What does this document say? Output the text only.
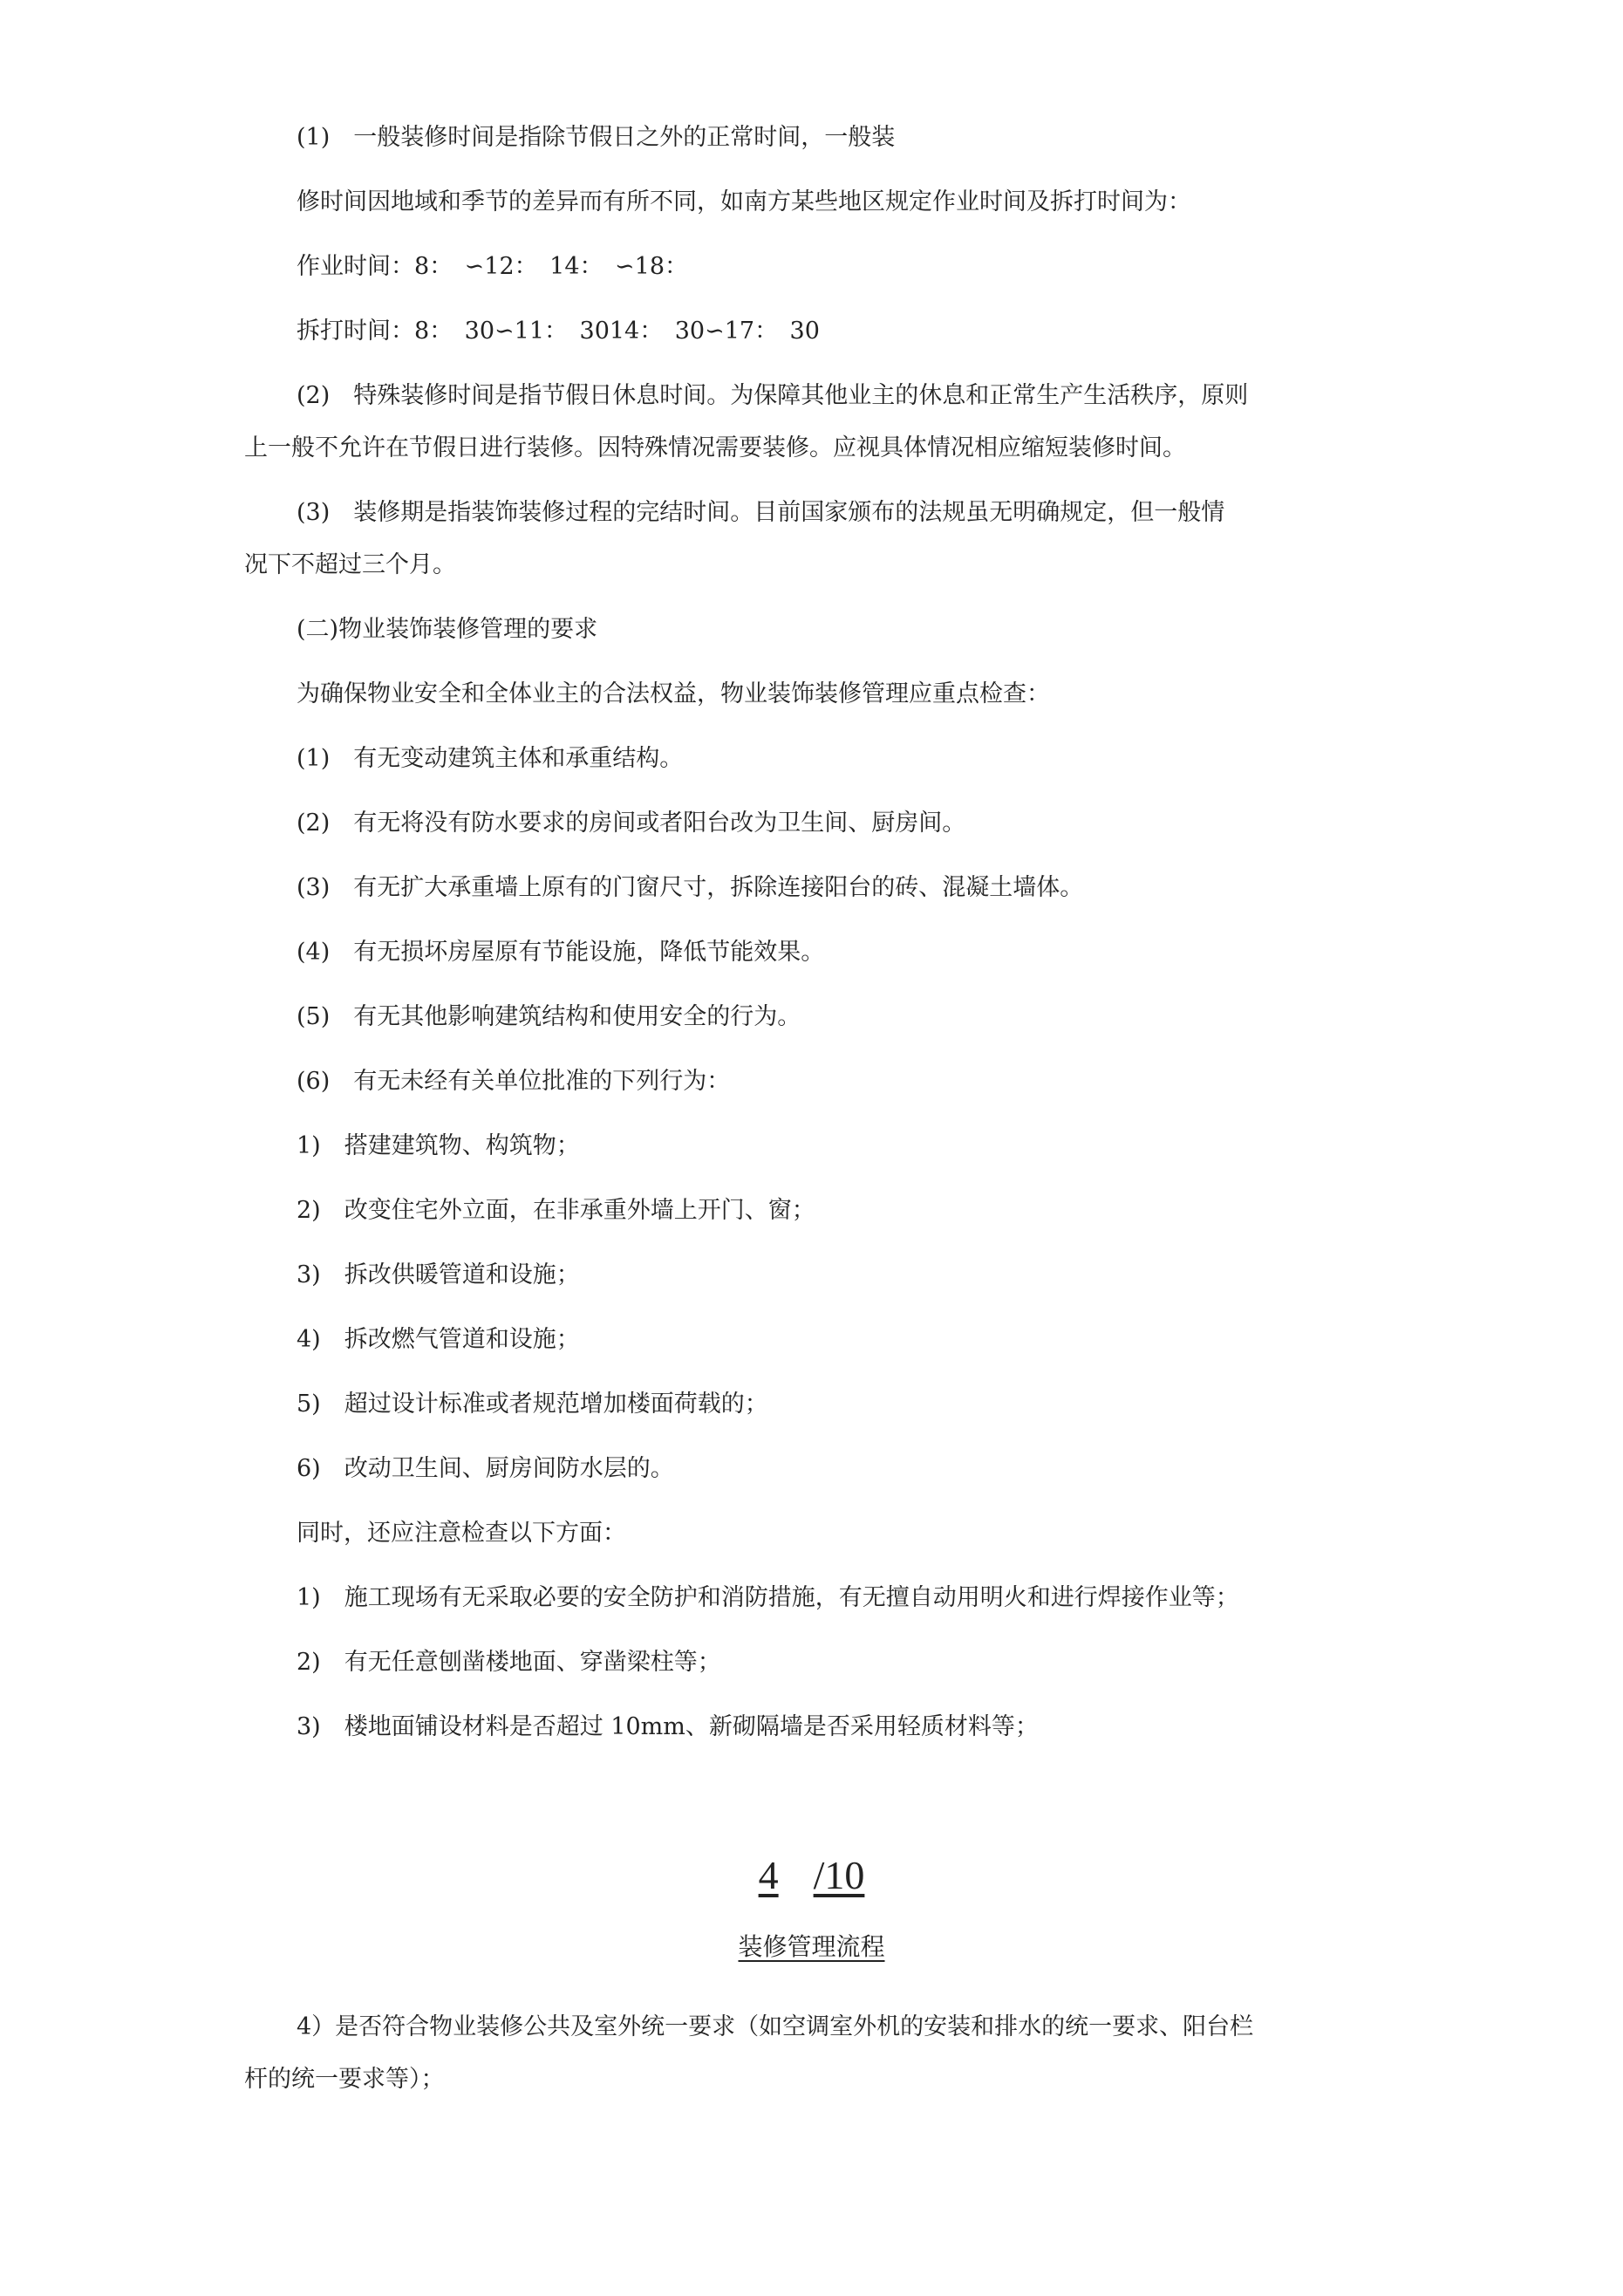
(1)　一般装修时间是指除节假日之外的正常时间，一般装
修时间因地域和季节的差异而有所不同，如南方某些地区规定作业时间及拆打时间为：
作业时间：8：　∽12：　14：　∽18：
拆打时间：8：　30∽11：　3014：　30∽17：　30
(2)　特殊装修时间是指节假日休息时间。为保障其他业主的休息和正常生产生活秩序，原则
上一般不允许在节假日进行装修。因特殊情况需要装修。应视具体情况相应缩短装修时间。
(3)　装修期是指装饰装修过程的完结时间。目前国家颁布的法规虽无明确规定，但一般情
况下不超过三个月。
(二)物业装饰装修管理的要求
为确保物业安全和全体业主的合法权益，物业装饰装修管理应重点检查：
(1)　有无变动建筑主体和承重结构。
(2)　有无将没有防水要求的房间或者阳台改为卫生间、厨房间。
(3)　有无扩大承重墙上原有的门窗尺寸，拆除连接阳台的砖、混凝土墙体。
(4)　有无损坏房屋原有节能设施，降低节能效果。
(5)　有无其他影响建筑结构和使用安全的行为。
(6)　有无未经有关单位批准的下列行为：
1)　搭建建筑物、构筑物；
2)　改变住宅外立面，在非承重外墙上开门、窗；
3)　拆改供暖管道和设施；
4)　拆改燃气管道和设施；
5)　超过设计标准或者规范增加楼面荷载的；
6)　改动卫生间、厨房间防水层的。
同时，还应注意检查以下方面：
1)　施工现场有无采取必要的安全防护和消防措施，有无擅自动用明火和进行焊接作业等；
2)　有无任意刨凿楼地面、穿凿梁柱等；
3)　楼地面铺设材料是否超过 10mm、新砌隔墙是否采用轻质材料等；
4 /10
装修管理流程
4）是否符合物业装修公共及室外统一要求（如空调室外机的安装和排水的统一要求、阳台栏
杆的统一要求等）；
